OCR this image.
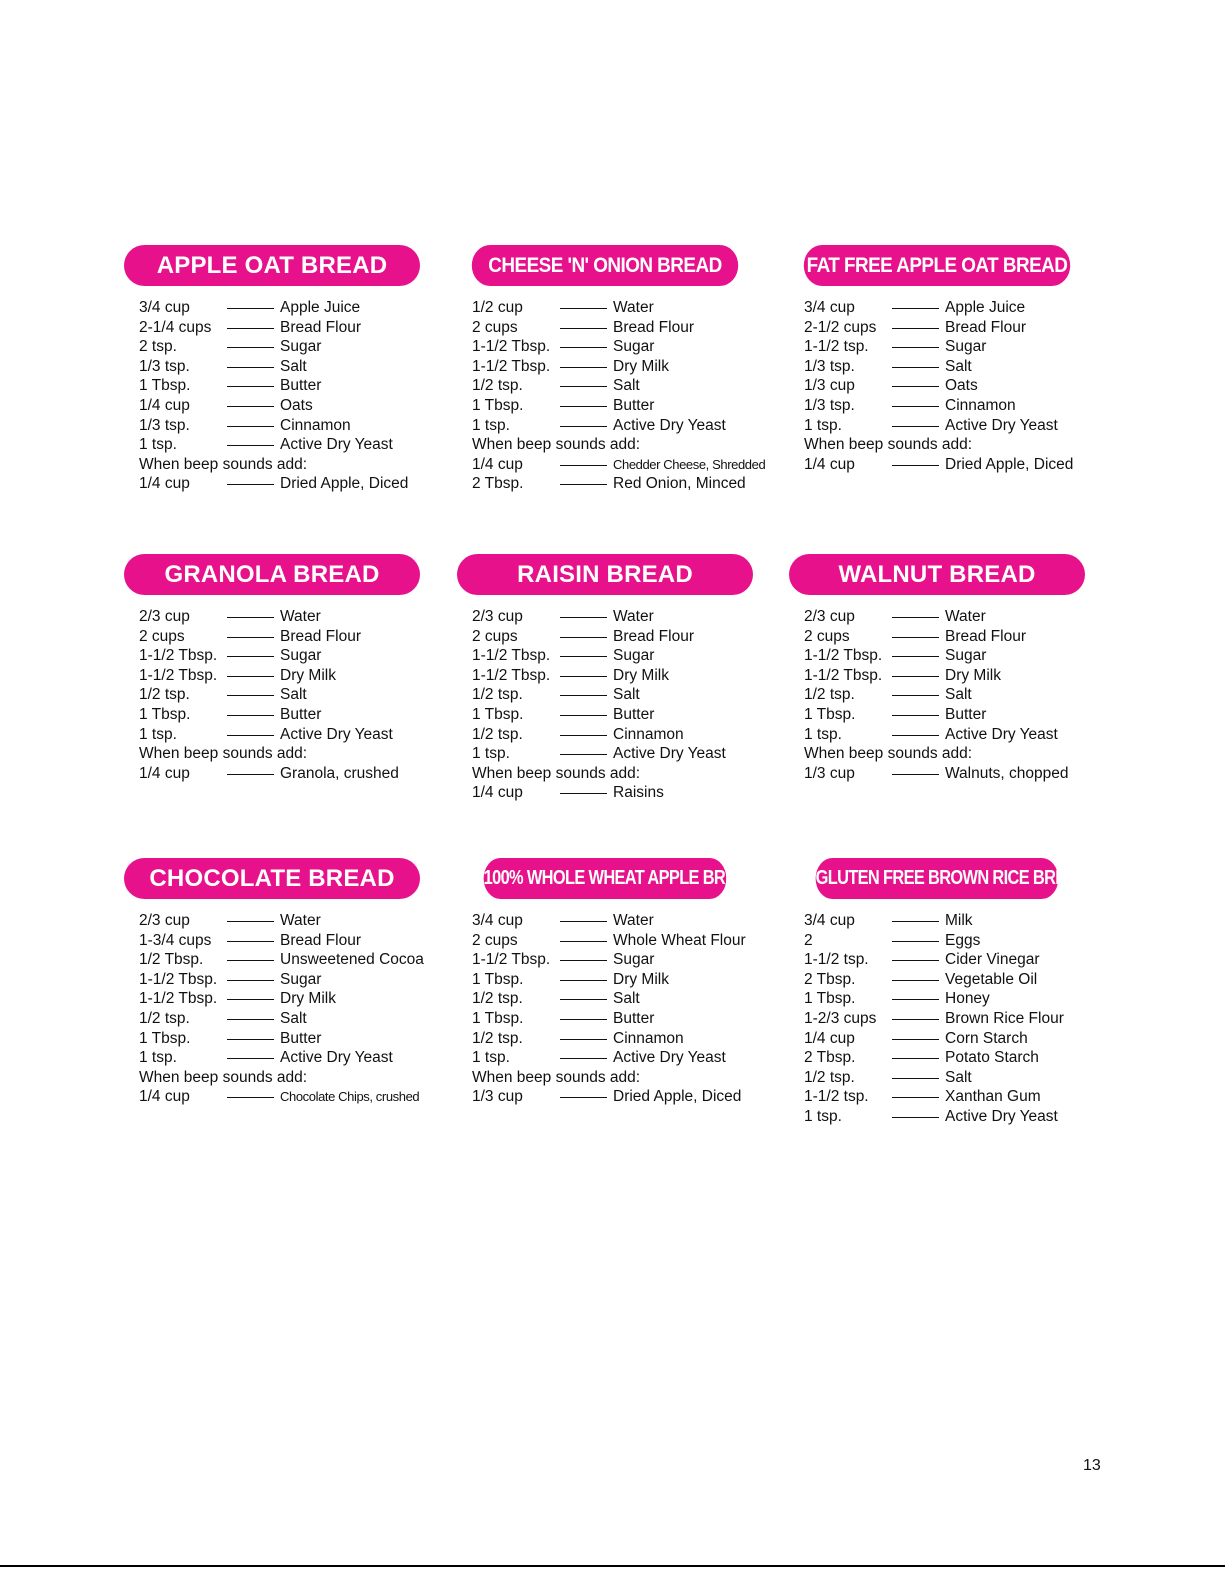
APPLE OAT BREAD
3/4 cup	Apple Juice
2-1/4 cups	Bread Flour
2 tsp.	Sugar
1/3 tsp.	Salt
1 Tbsp.	Butter
1/4 cup	Oats
1/3 tsp.	Cinnamon
1 tsp.	Active Dry Yeast
When beep sounds add:
1/4 cup	Dried Apple, Diced
CHEESE 'N' ONION BREAD
1/2 cup	Water
2 cups	Bread Flour
1-1/2 Tbsp.	Sugar
1-1/2 Tbsp.	Dry Milk
1/2 tsp.	Salt
1 Tbsp.	Butter
1 tsp.	Active Dry Yeast
When beep sounds add:
1/4 cup	Chedder Cheese, Shredded
2 Tbsp.	Red Onion, Minced
FAT FREE APPLE OAT BREAD
3/4 cup	Apple Juice
2-1/2 cups	Bread Flour
1-1/2 tsp.	Sugar
1/3 tsp.	Salt
1/3 cup	Oats
1/3 tsp.	Cinnamon
1 tsp.	Active Dry Yeast
When beep sounds add:
1/4 cup	Dried Apple, Diced
GRANOLA BREAD
2/3 cup	Water
2 cups	Bread Flour
1-1/2 Tbsp.	Sugar
1-1/2 Tbsp.	Dry Milk
1/2 tsp.	Salt
1 Tbsp.	Butter
1 tsp.	Active Dry Yeast
When beep sounds add:
1/4 cup	Granola, crushed
RAISIN BREAD
2/3 cup	Water
2 cups	Bread Flour
1-1/2 Tbsp.	Sugar
1-1/2 Tbsp.	Dry Milk
1/2 tsp.	Salt
1 Tbsp.	Butter
1/2 tsp.	Cinnamon
1 tsp.	Active Dry Yeast
When beep sounds add:
1/4 cup	Raisins
WALNUT BREAD
2/3 cup	Water
2 cups	Bread Flour
1-1/2 Tbsp.	Sugar
1-1/2 Tbsp.	Dry Milk
1/2 tsp.	Salt
1 Tbsp.	Butter
1 tsp.	Active Dry Yeast
When beep sounds add:
1/3 cup	Walnuts, chopped
CHOCOLATE BREAD
2/3 cup	Water
1-3/4 cups	Bread Flour
1/2 Tbsp.	Unsweetened Cocoa
1-1/2 Tbsp.	Sugar
1-1/2 Tbsp.	Dry Milk
1/2 tsp.	Salt
1 Tbsp.	Butter
1 tsp.	Active Dry Yeast
When beep sounds add:
1/4 cup	Chocolate Chips, crushed
100% WHOLE WHEAT APPLE BREAD
3/4 cup	Water
2 cups	Whole Wheat Flour
1-1/2 Tbsp.	Sugar
1 Tbsp.	Dry Milk
1/2 tsp.	Salt
1 Tbsp.	Butter
1/2 tsp.	Cinnamon
1 tsp.	Active Dry Yeast
When beep sounds add:
1/3 cup	Dried Apple, Diced
GLUTEN FREE BROWN RICE BREAD
3/4 cup	Milk
2	Eggs
1-1/2 tsp.	Cider Vinegar
2 Tbsp.	Vegetable Oil
1 Tbsp.	Honey
1-2/3 cups	Brown Rice Flour
1/4 cup	Corn Starch
2 Tbsp.	Potato Starch
1/2 tsp.	Salt
1-1/2 tsp.	Xanthan Gum
1 tsp.	Active Dry Yeast
13
